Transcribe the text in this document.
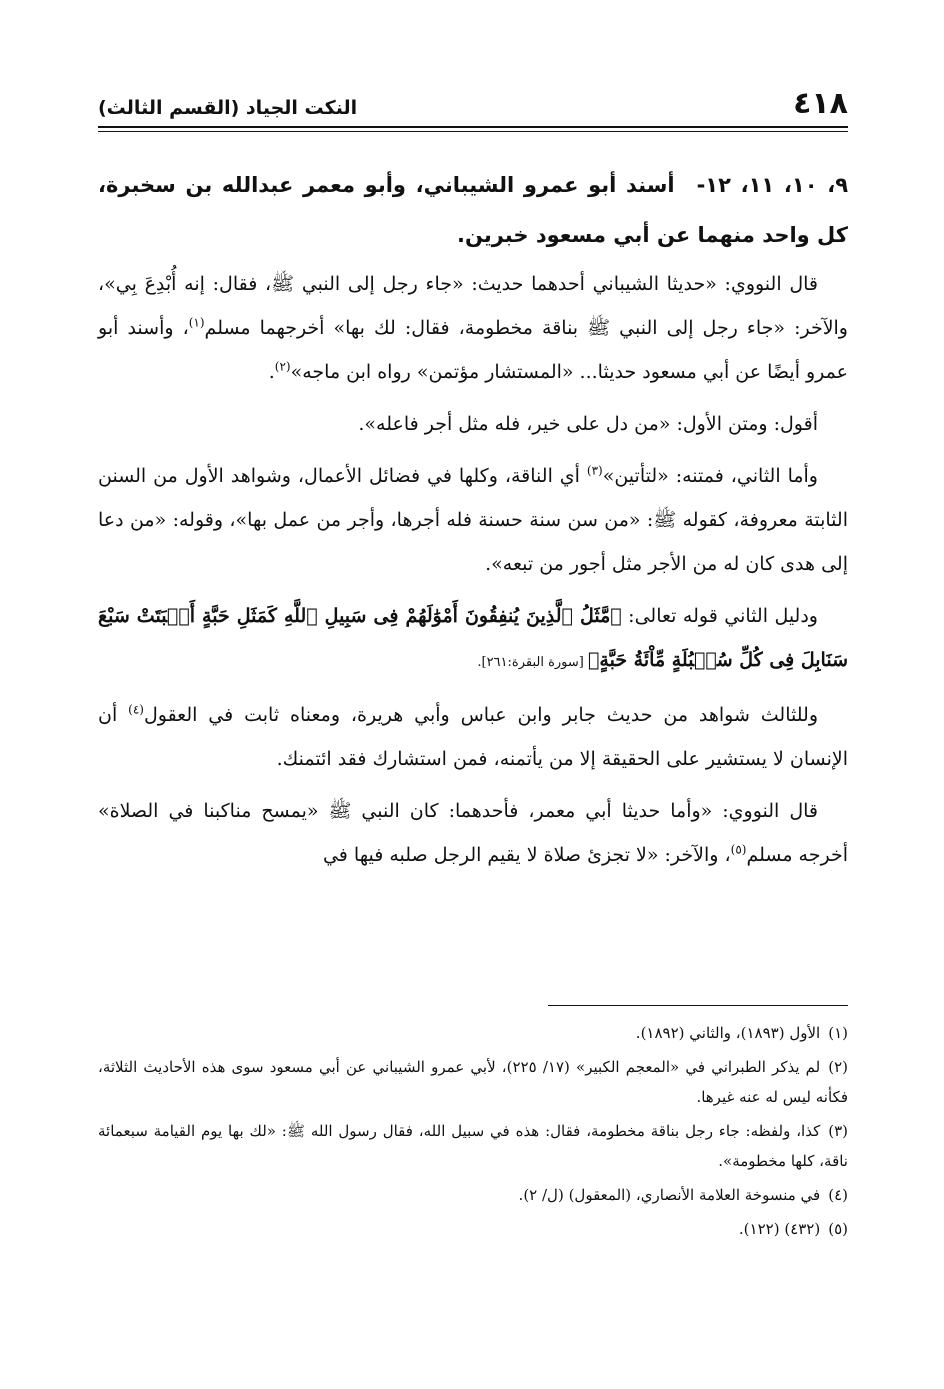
٤١٨
النكت الجياد (القسم الثالث)
٩، ١٠، ١١، ١٢-أسند أبو عمرو الشيباني، وأبو معمر عبدالله بن سخبرة، كل واحد منهما عن أبي مسعود خبرين.

قال النووي: «حديثا الشيباني أحدهما حديث: «جاء رجل إلى النبي ﷺ، فقال: إنه أُبْدِعَ بِي»، والآخر: «جاء رجل إلى النبي ﷺ بناقة مخطومة، فقال: لك بها» أخرجهما مسلم$^{(١)}$، وأسند أبو عمرو أيضًا عن أبي مسعود حديثا... «المستشار مؤتمن» رواه ابن ماجه»$^{(٢)}$.

أقول: ومتن الأول: «من دل على خير، فله مثل أجر فاعله».

وأما الثاني، فمتنه: «لتأتين»$^{(٣)}$ أي الناقة، وكلها في فضائل الأعمال، وشواهد الأول من السنن الثابتة معروفة، كقوله ﷺ: «من سن سنة حسنة فله أجرها، وأجر من عمل بها»، وقوله: «من دعا إلى هدى كان له من الأجر مثل أجور من تبعه».

ودليل الثاني قوله تعالى: ﴿مَّثَلُ ٱلَّذِينَ يُنفِقُونَ أَمْوَٰلَهُمْ فِى سَبِيلِ ٱللَّهِ كَمَثَلِ حَبَّةٍ أَنۢبَتَتْ سَبْعَ سَنَابِلَ فِى كُلِّ سُنۢبُلَةٍ مِّاْئَةُ حَبَّةٍ﴾ [سورة البقرة:٢٦١].

وللثالث شواهد من حديث جابر وابن عباس وأبي هريرة، ومعناه ثابت في العقول$^{(٤)}$ أن الإنسان لا يستشير على الحقيقة إلا من يأتمنه، فمن استشارك فقد ائتمنك.

قال النووي: «وأما حديثا أبي معمر، فأحدهما: كان النبي ﷺ «يمسح مناكبنا في الصلاة» أخرجه مسلم$^{(٥)}$، والآخر: «لا تجزئ صلاة لا يقيم الرجل صلبه فيها في

(١)الأول (١٨٩٣)، والثاني (١٨٩٢).

(٢)لم يذكر الطبراني في «المعجم الكبير» (١٧/ ٢٢٥)، لأبي عمرو الشيباني عن أبي مسعود سوى هذه الأحاديث الثلاثة، فكأنه ليس له عنه غيرها.

(٣)كذا، ولفظه: جاء رجل بناقة مخطومة، فقال: هذه في سبيل الله، فقال رسول الله ﷺ: «لك بها يوم القيامة سبعمائة ناقة، كلها مخطومة».

(٤)في منسوخة العلامة الأنصاري، (المعقول) (ل/ ٢).

(٥)(٤٣٢) (١٢٢).
